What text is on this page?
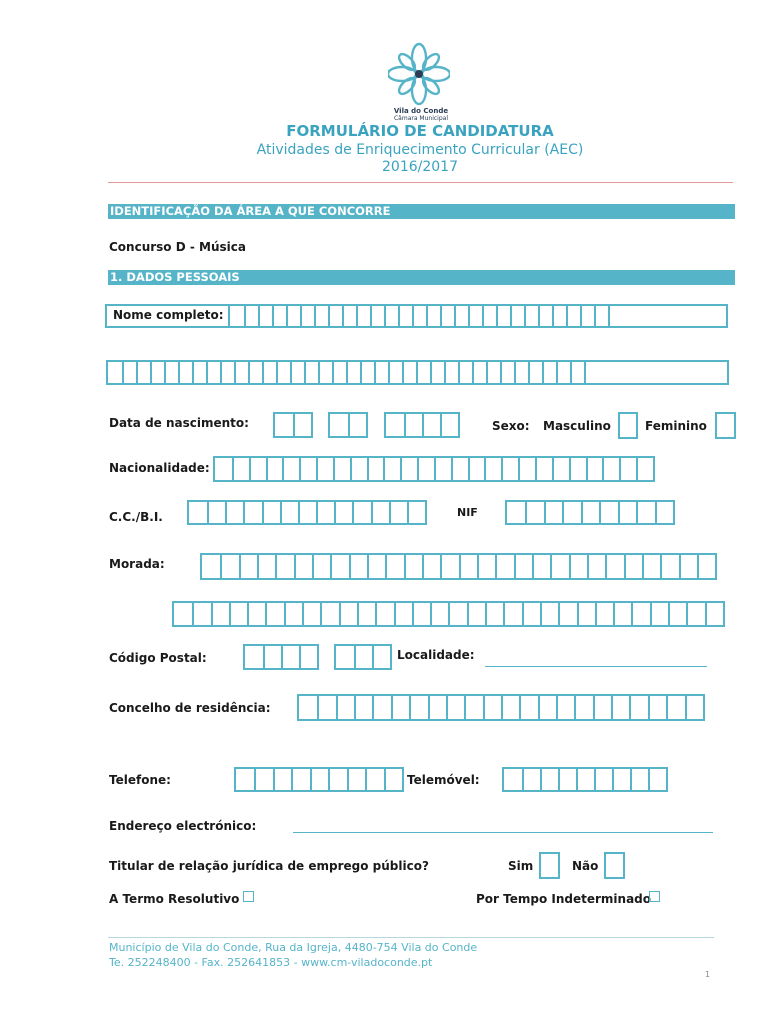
Vila do Conde
Câmara Municipal
FORMULÁRIO DE CANDIDATURA
Atividades de Enriquecimento Curricular (AEC)
2016/2017
IDENTIFICAÇÃO DA ÁREA A QUE CONCORRE
Concurso D - Música
1. DADOS PESSOAIS
Nome completo:
Data de nascimento:	Sexo: Masculino	Feminino
Nacionalidade:
C.C./B.I.	NIF
Morada:
Código Postal:	Localidade:
Concelho de residência:
Telefone:	Telemóvel:
Endereço electrónico:
Titular de relação jurídica de emprego público?	Sim	Não
A Termo Resolutivo	Por Tempo Indeterminado
Município de Vila do Conde, Rua da Igreja, 4480-754 Vila do Conde
Te. 252248400 - Fax. 252641853 - www.cm-viladoconde.pt
1
